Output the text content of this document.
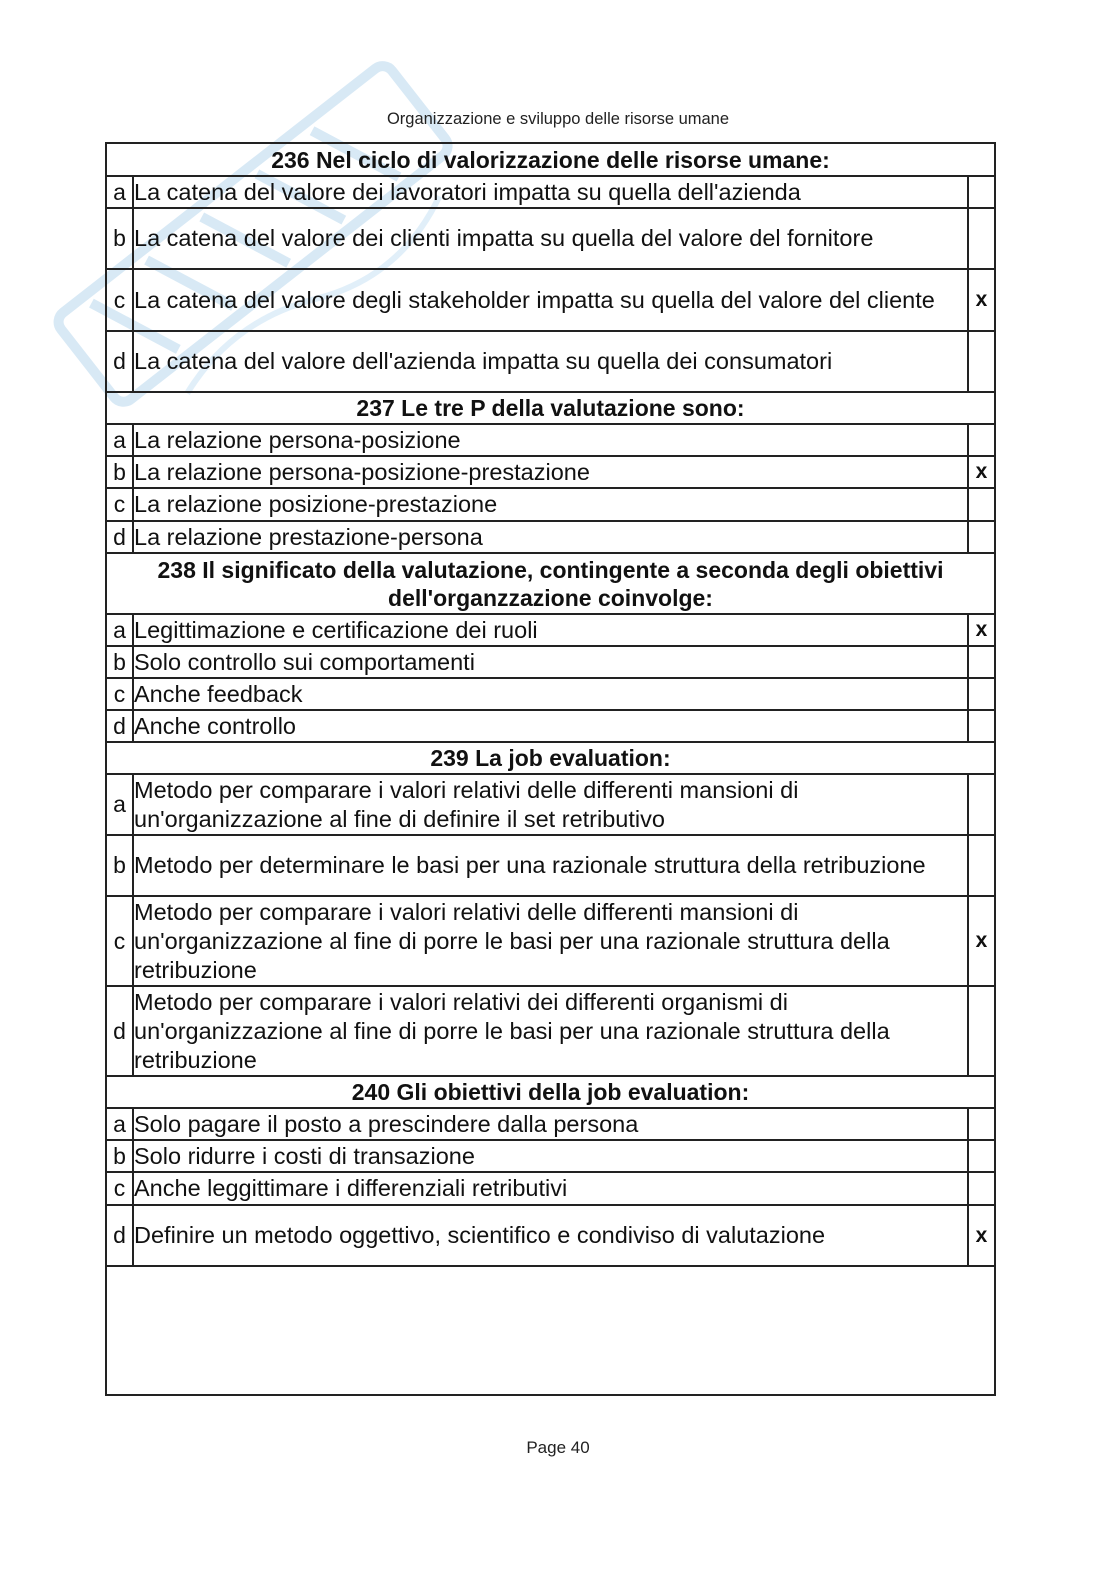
Organizzazione e sviluppo delle risorse umane
236 Nel ciclo di valorizzazione delle risorse umane:		
a	La catena del valore dei lavoratori impatta su quella dell'azienda	
b	La catena del valore dei clienti impatta su quella del valore del fornitore	
c	La catena del valore degli stakeholder impatta su quella del valore del cliente	x
d	La catena del valore dell'azienda impatta su quella dei consumatori	
237 Le tre P della valutazione sono:		
a	La relazione persona-posizione	
b	La relazione persona-posizione-prestazione	x
c	La relazione posizione-prestazione	
d	La relazione prestazione-persona	
238 Il significato della valutazione, contingente a seconda degli obiettivi dell'organzzazione coinvolge:		
a	Legittimazione e certificazione dei ruoli	x
b	Solo controllo sui comportamenti	
c	Anche feedback	
d	Anche controllo	
239 La job evaluation:		
a	Metodo per comparare i valori relativi delle differenti mansioni di un'organizzazione al fine di definire il set retributivo	
b	Metodo per determinare le basi per una razionale struttura della retribuzione	
c	Metodo per comparare i valori relativi delle differenti mansioni di un'organizzazione al fine di porre le basi per una razionale struttura della retribuzione	x
d	Metodo per comparare i valori relativi dei differenti organismi di un'organizzazione al fine di porre le basi per una razionale struttura della retribuzione	
240 Gli obiettivi della job evaluation:		
a	Solo pagare il posto a prescindere dalla persona	
b	Solo ridurre i costi di transazione	
c	Anche leggittimare i differenziali retributivi	
d	Definire un metodo oggettivo, scientifico e condiviso di valutazione	x
Page 40
